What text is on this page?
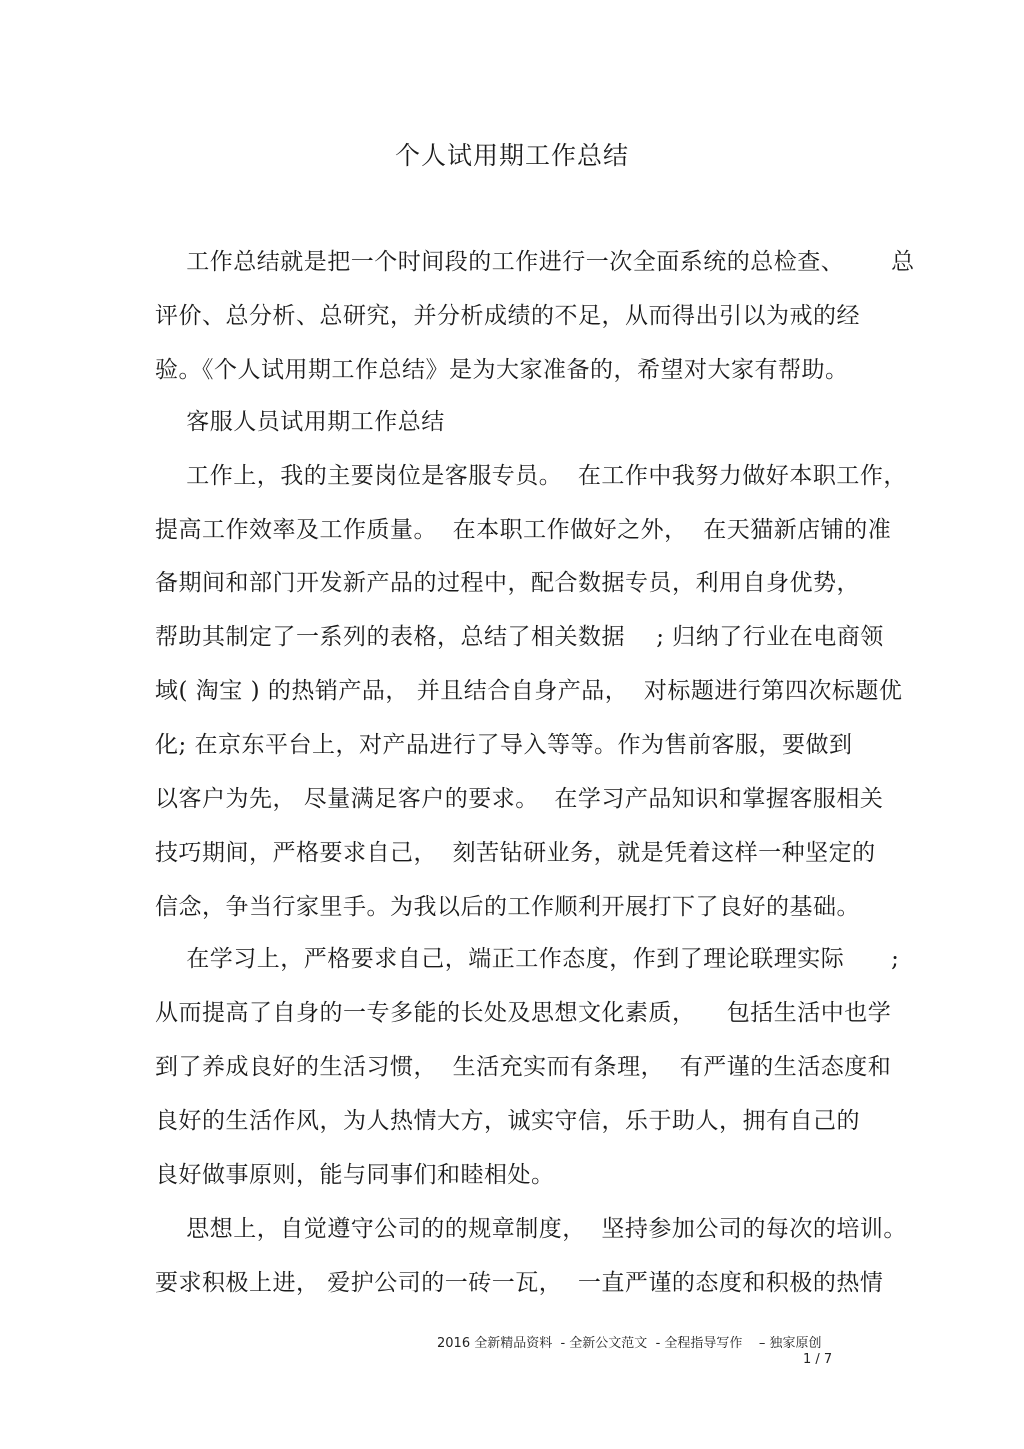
个人试用期工作总结
工作总结就是把一个时间段的工作进行一次全面系统的总检查、      总
评价、总分析、总研究，并分析成绩的不足，从而得出引以为戒的经
验。《个人试用期工作总结》是为大家准备的，希望对大家有帮助。
客服人员试用期工作总结
工作上，我的主要岗位是客服专员。  在工作中我努力做好本职工作，
提高工作效率及工作质量。  在本职工作做好之外，  在天猫新店铺的准
备期间和部门开发新产品的过程中，配合数据专员，利用自身优势，
帮助其制定了一系列的表格，总结了相关数据    ; 归纳了行业在电商领
域( 淘宝 ) 的热销产品， 并且结合自身产品，  对标题进行第四次标题优
化; 在京东平台上，对产品进行了导入等等。作为售前客服，要做到
以客户为先， 尽量满足客户的要求。  在学习产品知识和掌握客服相关
技巧期间，严格要求自己，  刻苦钻研业务，就是凭着这样一种坚定的
信念，争当行家里手。为我以后的工作顺利开展打下了良好的基础。
在学习上，严格要求自己，端正工作态度，作到了理论联理实际      ;
从而提高了自身的一专多能的长处及思想文化素质，    包括生活中也学
到了养成良好的生活习惯，  生活充实而有条理，  有严谨的生活态度和
良好的生活作风，为人热情大方，诚实守信，乐于助人，拥有自己的
良好做事原则，能与同事们和睦相处。
思想上，自觉遵守公司的的规章制度，  坚持参加公司的每次的培训。
要求积极上进， 爱护公司的一砖一瓦，  一直严谨的态度和积极的热情
2016 全新精品资料  - 全新公文范文  - 全程指导写作    – 独家原创
1 / 7
